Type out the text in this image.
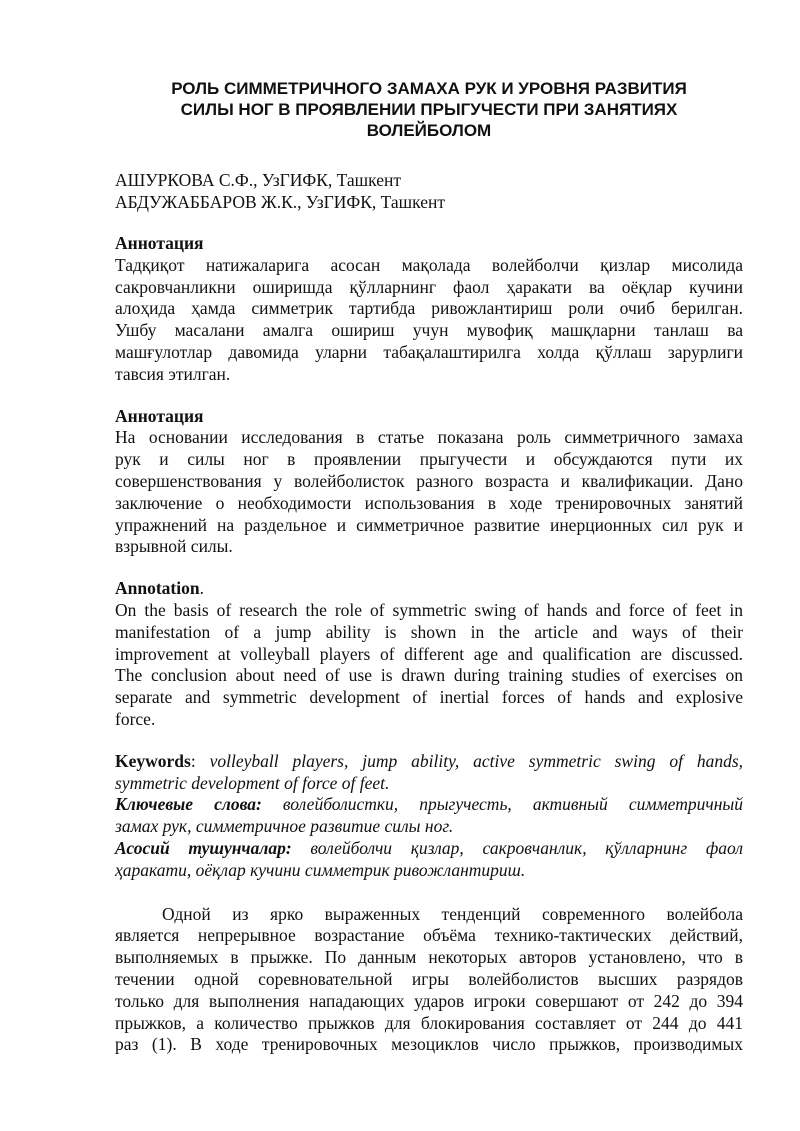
РОЛЬ СИММЕТРИЧНОГО ЗАМАХА РУК И УРОВНЯ РАЗВИТИЯ
СИЛЫ НОГ В ПРОЯВЛЕНИИ ПРЫГУЧЕСТИ ПРИ ЗАНЯТИЯХ
ВОЛЕЙБОЛОМ
АШУРКОВА С.Ф., УзГИФК, Ташкент
АБДУЖАББАРОВ Ж.К., УзГИФК, Ташкент
Аннотация
Тадқиқот натижаларига асосан мақолада волейболчи қизлар мисолида
сакровчанликни оширишда қўлларнинг фаол ҳаракати ва оёқлар кучини
алоҳида ҳамда симметрик тартибда ривожлантириш роли очиб берилган.
Ушбу масалани амалга ошириш учун мувофиқ машқларни танлаш ва
машғулотлар давомида уларни табақалаштирилга холда қўллаш зарурлиги
тавсия этилган.
Аннотация
На основании исследования в статье показана роль симметричного замаха
рук и силы ног в проявлении прыгучести и обсуждаются пути их
совершенствования у волейболисток разного возраста и квалификации. Дано
заключение о необходимости использования в ходе тренировочных занятий
упражнений на раздельное и симметричное развитие инерционных сил рук и
взрывной силы.
Annotation.
On the basis of research the role of symmetric swing of hands and force of feet in
manifestation of a jump ability is shown in the article and ways of their
improvement at volleyball players of different age and qualification are discussed.
The conclusion about need of use is drawn during training studies of exercises on
separate and symmetric development of inertial forces of hands and explosive
force.
Keywords: volleyball players, jump ability, active symmetric swing of hands,
symmetric development of force of feet.
Ключевые слова: волейболистки, прыгучесть, активный симметричный
замах рук, симметричное развитие силы ног.
Асосий тушунчалар: волейболчи қизлар, сакровчанлик, қўлларнинг фаол
ҳаракати, оёқлар кучини симметрик ривожлантириш.
Одной из ярко выраженных тенденций современного волейбола
является непрерывное возрастание объёма технико-тактических действий,
выполняемых в прыжке. По данным некоторых авторов установлено, что в
течении одной соревновательной игры волейболистов высших разрядов
только для выполнения нападающих ударов игроки совершают от 242 до 394
прыжков, а количество прыжков для блокирования составляет от 244 до 441
раз (1). В ходе тренировочных мезоциклов число прыжков, производимых
